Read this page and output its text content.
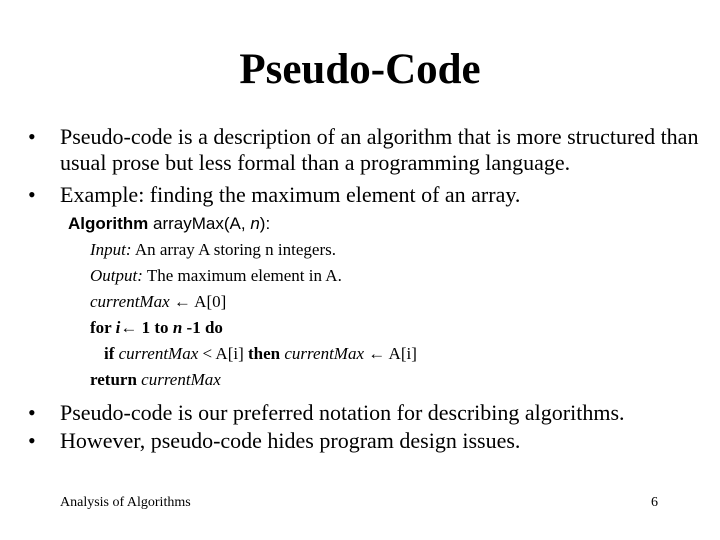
Pseudo-Code
• Pseudo-code is a description of an algorithm that is more structured than usual prose but less formal than a programming language.
• Example: finding the maximum element of an array.
Algorithm arrayMax(A, n):
Input: An array A storing n integers.
Output: The maximum element in A.
currentMax ← A[0]
for i← 1 to n -1 do
if currentMax < A[i] then currentMax ← A[i]
return currentMax
• Pseudo-code is our preferred notation for describing algorithms.
• However, pseudo-code hides program design issues.
Analysis of Algorithms	6
